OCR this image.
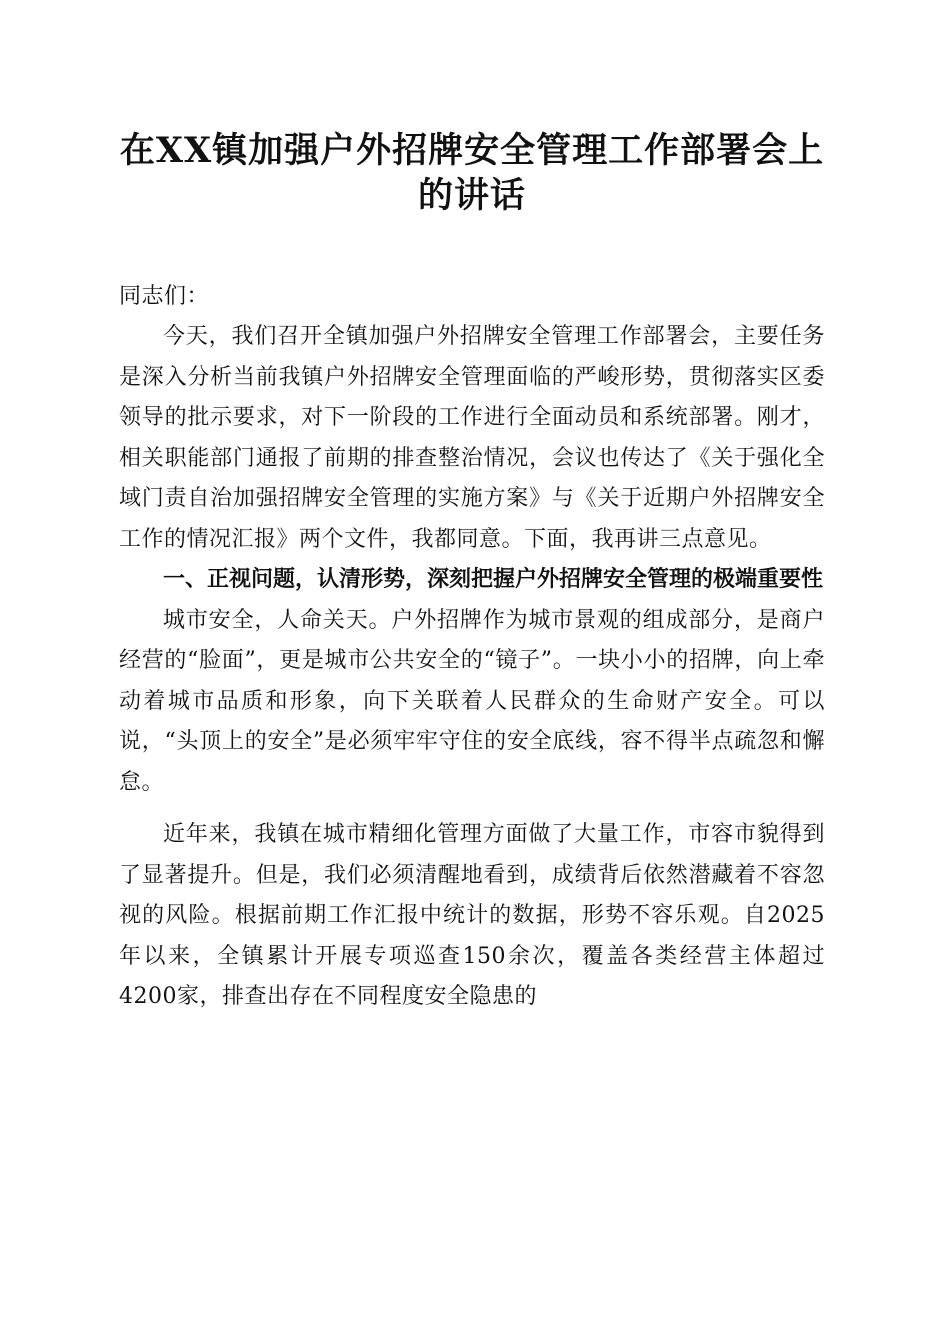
在XX镇加强户外招牌安全管理工作部署会上的讲话

同志们：

今天，我们召开全镇加强户外招牌安全管理工作部署会，主要任务是深入分析当前我镇户外招牌安全管理面临的严峻形势，贯彻落实区委领导的批示要求，对下一阶段的工作进行全面动员和系统部署。刚才，相关职能部门通报了前期的排查整治情况，会议也传达了《关于强化全域门责自治加强招牌安全管理的实施方案》与《关于近期户外招牌安全工作的情况汇报》两个文件，我都同意。下面，我再讲三点意见。

一、正视问题，认清形势，深刻把握户外招牌安全管理的极端重要性

城市安全，人命关天。户外招牌作为城市景观的组成部分，是商户经营的“脸面”，更是城市公共安全的“镜子”。一块小小的招牌，向上牵动着城市品质和形象，向下关联着人民群众的生命财产安全。可以说，“头顶上的安全”是必须牢牢守住的安全底线，容不得半点疏忽和懈怠。

近年来，我镇在城市精细化管理方面做了大量工作，市容市貌得到了显著提升。但是，我们必须清醒地看到，成绩背后依然潜藏着不容忽视的风险。根据前期工作汇报中统计的数据，形势不容乐观。自2025年以来，全镇累计开展专项巡查150余次，覆盖各类经营主体超过4200家，排查出存在不同程度安全隐患的
